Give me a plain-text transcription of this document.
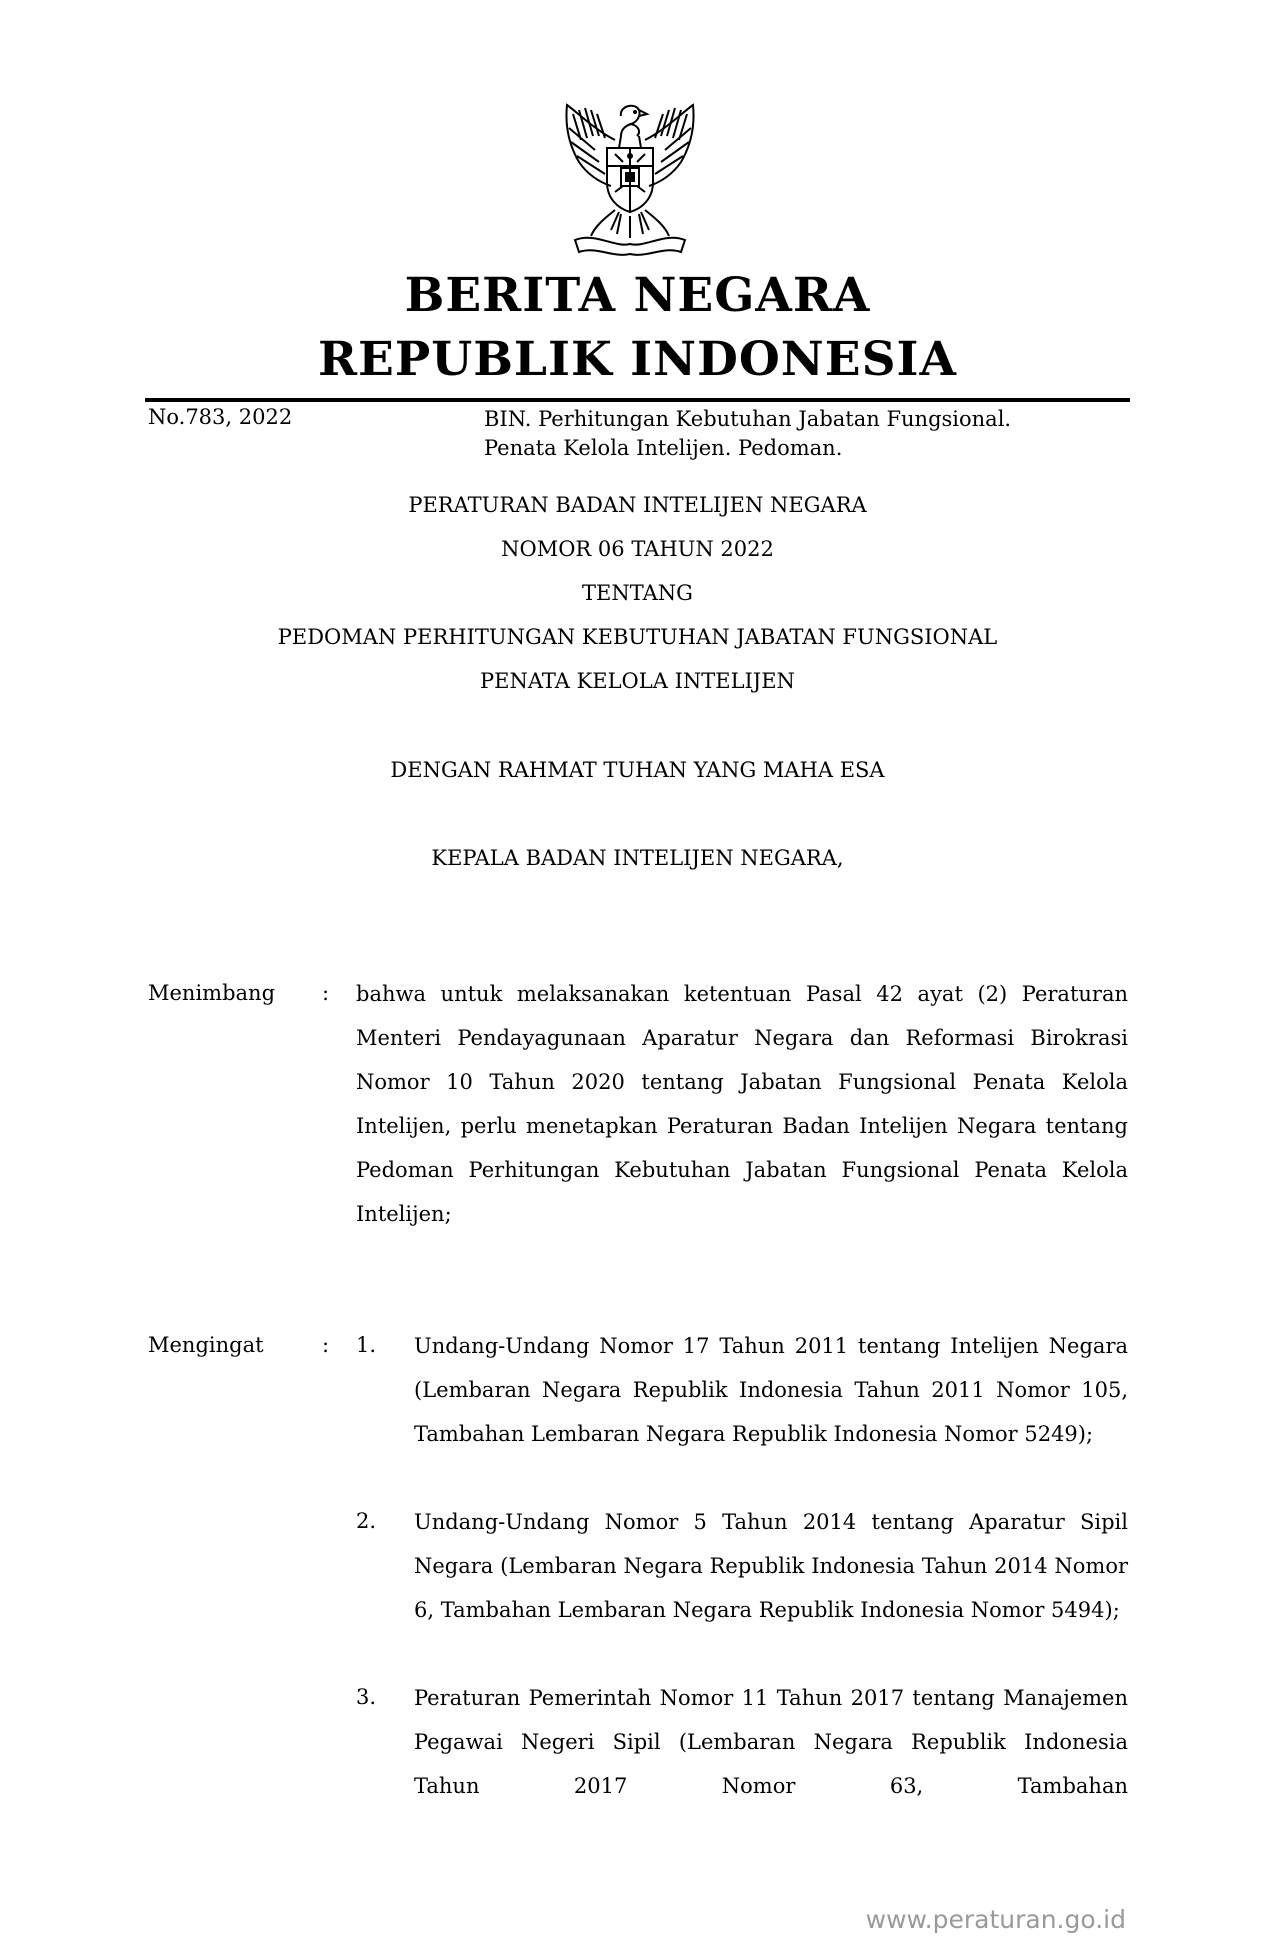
BERITA NEGARA
REPUBLIK INDONESIA
No.783, 2022	BIN. Perhitungan Kebutuhan Jabatan Fungsional.
Penata Kelola Intelijen. Pedoman.
PERATURAN BADAN INTELIJEN NEGARA
NOMOR 06 TAHUN 2022
TENTANG
PEDOMAN PERHITUNGAN KEBUTUHAN JABATAN FUNGSIONAL
PENATA KELOLA INTELIJEN
DENGAN RAHMAT TUHAN YANG MAHA ESA
KEPALA BADAN INTELIJEN NEGARA,
Menimbang : bahwa untuk melaksanakan ketentuan Pasal 42 ayat (2) Peraturan Menteri Pendayagunaan Aparatur Negara dan Reformasi Birokrasi Nomor 10 Tahun 2020 tentang Jabatan Fungsional Penata Kelola Intelijen, perlu menetapkan Peraturan Badan Intelijen Negara tentang Pedoman Perhitungan Kebutuhan Jabatan Fungsional Penata Kelola Intelijen;
Mengingat	: 1. Undang-Undang Nomor 17 Tahun 2011 tentang Intelijen Negara (Lembaran Negara Republik Indonesia Tahun 2011 Nomor 105, Tambahan Lembaran Negara Republik Indonesia Nomor 5249);
2. Undang-Undang Nomor 5 Tahun 2014 tentang Aparatur Sipil Negara (Lembaran Negara Republik Indonesia Tahun 2014 Nomor 6, Tambahan Lembaran Negara Republik Indonesia Nomor 5494);
3. Peraturan Pemerintah Nomor 11 Tahun 2017 tentang Manajemen Pegawai Negeri Sipil (Lembaran Negara Republik Indonesia Tahun 2017 Nomor 63, Tambahan
www.peraturan.go.id
